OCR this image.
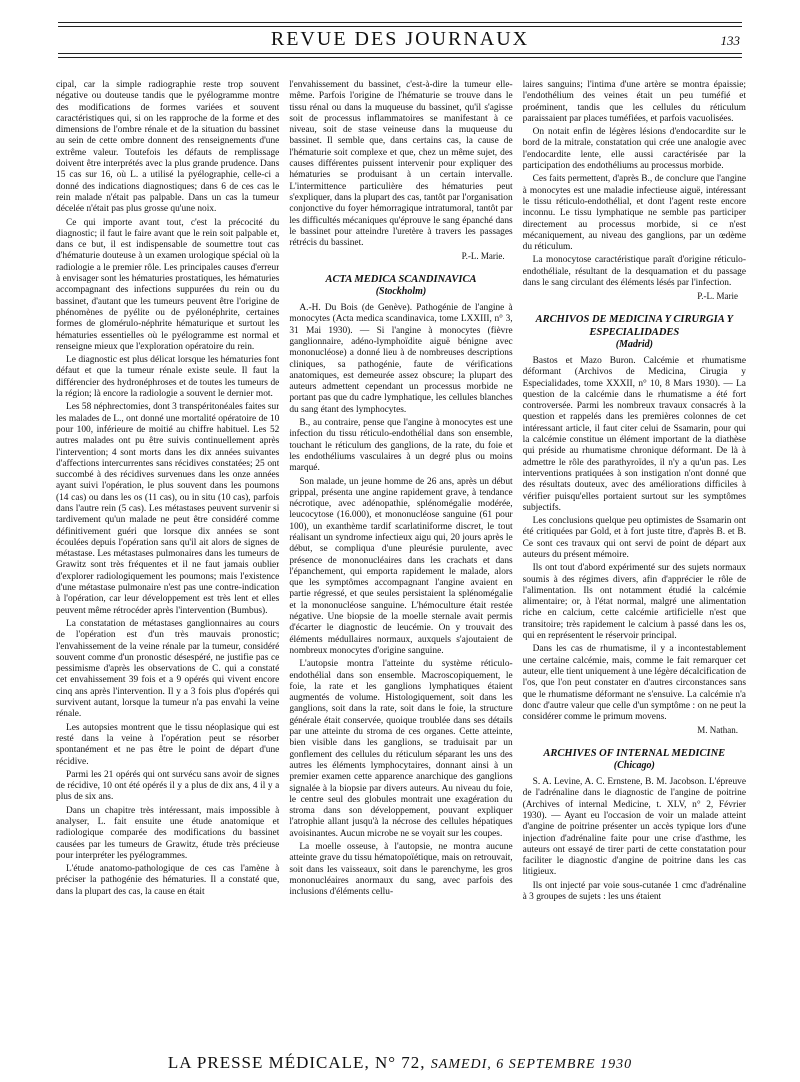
REVUE DES JOURNAUX	133

cipal, car la simple radiographie reste trop souvent négative ou douteuse tandis que le pyélogramme montre des modifications de formes variées et souvent caractéristiques qui, si on les rapproche de la forme et des dimensions de l'ombre rénale et de la situation du bassinet au sein de cette ombre donnent des renseignements d'une extrême valeur. Toutefois les défauts de remplissage doivent être interprétés avec la plus grande prudence. Dans 15 cas sur 16, où L. a utilisé la pyélographie, celle-ci a donné des indications diagnostiques; dans 6 de ces cas le rein malade n'était pas palpable. Dans un cas la tumeur décelée n'était pas plus grosse qu'une noix.

Ce qui importe avant tout, c'est la précocité du diagnostic; il faut le faire avant que le rein soit palpable et, dans ce but, il est indispensable de soumettre tout cas d'hématurie douteuse à un examen urologique spécial où la radiologie a le premier rôle. Les principales causes d'erreur à envisager sont les hématuries prostatiques, les hématuries accompagnant des infections suppurées du rein ou du bassinet, d'autant que les tumeurs peuvent être l'origine de phénomènes de pyélite ou de pyélonéphrite, certaines formes de glomérulo-néphrite hématurique et surtout les hématuries essentielles où le pyélogramme est normal et renseigne mieux que l'exploration opératoire du rein.

Le diagnostic est plus délicat lorsque les hématuries font défaut et que la tumeur rénale existe seule. Il faut la différencier des hydronéphroses et de toutes les tumeurs de la région; là encore la radiologie a souvent le dernier mot.

Les 58 néphrectomies, dont 3 transpéritonéales faites sur les malades de L., ont donné une mortalité opératoire de 10 pour 100, inférieure de moitié au chiffre habituel. Les 52 autres malades ont pu être suivis continuellement après l'intervention; 4 sont morts dans les dix années suivantes d'affections intercurrentes sans récidives constatées; 25 ont succombé à des récidives survenues dans les onze années ayant suivi l'opération, le plus souvent dans les poumons (14 cas) ou dans les os (11 cas), ou in situ (10 cas), parfois dans l'autre rein (5 cas). Les métastases peuvent survenir si tardivement qu'un malade ne peut être considéré comme définitivement guéri que lorsque dix années se sont écoulées depuis l'opération sans qu'il ait alors de signes de métastase. Les métastases pulmonaires dans les tumeurs de Grawitz sont très fréquentes et il ne faut jamais oublier d'explorer radiologiquement les poumons; mais l'existence d'une métastase pulmonaire n'est pas une contre-indication à l'opération, car leur développement est très lent et elles peuvent même rétrocéder après l'intervention (Bumbus).

La constatation de métastases ganglionnaires au cours de l'opération est d'un très mauvais pronostic; l'envahissement de la veine rénale par la tumeur, considéré souvent comme d'un pronostic désespéré, ne justifie pas ce pessimisme d'après les observations de C. qui a constaté cet envahissement 39 fois et a 9 opérés qui vivent encore cinq ans après l'intervention. Il y a 3 fois plus d'opérés qui survivent autant, lorsque la tumeur n'a pas envahi la veine rénale.

Les autopsies montrent que le tissu néoplasique qui est resté dans la veine à l'opération peut se résorber spontanément et ne pas être le point de départ d'une récidive.

Parmi les 21 opérés qui ont survécu sans avoir de signes de récidive, 10 ont été opérés il y a plus de dix ans, 4 il y a plus de six ans.

Dans un chapitre très intéressant, mais impossible à analyser, L. fait ensuite une étude anatomique et radiologique comparée des modifications du bassinet causées par les tumeurs de Grawitz, étude très précieuse pour interpréter les pyélogrammes.

L'étude anatomo-pathologique de ces cas l'amène à préciser la pathogénie des hématuries. Il a constaté que, dans la plupart des cas, la cause en était

l'envahissement du bassinet, c'est-à-dire la tumeur elle-même. Parfois l'origine de l'hématurie se trouve dans le tissu rénal ou dans la muqueuse du bassinet, qu'il s'agisse soit de processus inflammatoires se manifestant à ce niveau, soit de stase veineuse dans la muqueuse du bassinet. Il semble que, dans certains cas, la cause de l'hématurie soit complexe et que, chez un même sujet, des causes différentes puissent intervenir pour expliquer des hématuries se produisant à un certain intervalle. L'intermittence particulière des hématuries peut s'expliquer, dans la plupart des cas, tantôt par l'organisation conjonctive du foyer hémorragique intratumoral, tantôt par les difficultés mécaniques qu'éprouve le sang épanché dans le bassinet pour atteindre l'uretère à travers les passages rétrécis du bassinet.

P.-L. Marie.
ACTA MEDICA SCANDINAVICA
(Stockholm)

A.-H. Du Bois (de Genève). Pathogénie de l'angine à monocytes (Acta medica scandinavica, tome LXXIII, n° 3, 31 Mai 1930). — Si l'angine à monocytes (fièvre ganglionnaire, adéno-lymphoïdite aiguë bénigne avec mononucléose) a donné lieu à de nombreuses descriptions cliniques, sa pathogénie, faute de vérifications anatomiques, est demeurée assez obscure; la plupart des auteurs admettent cependant un processus morbide ne portant pas que du cadre lymphatique, les cellules blanches du sang étant des lymphocytes.

B., au contraire, pense que l'angine à monocytes est une infection du tissu réticulo-endothélial dans son ensemble, touchant le réticulum des ganglions, de la rate, du foie et les endothéliums vasculaires à un degré plus ou moins marqué.

Son malade, un jeune homme de 26 ans, après un début grippal, présenta une angine rapidement grave, à tendance nécrotique, avec adénopathie, splénomégalie modérée, leucocytose (16.000), et mononucléose sanguine (61 pour 100), un exanthème tardif scarlatiniforme discret, le tout réalisant un syndrome infectieux aigu qui, 20 jours après le début, se compliqua d'une pleurésie purulente, avec présence de mononucléaires dans les crachats et dans l'épanchement, qui emporta rapidement le malade, alors que les symptômes accompagnant l'angine avaient en partie régressé, et que seules persistaient la splénomégalie et la mononucléose sanguine. L'hémoculture était restée négative. Une biopsie de la moelle sternale avait permis d'écarter le diagnostic de leucémie. On y trouvait des éléments médullaires normaux, auxquels s'ajoutaient de nombreux monocytes d'origine sanguine.

L'autopsie montra l'atteinte du système réticulo-endothélial dans son ensemble. Macroscopiquement, le foie, la rate et les ganglions lymphatiques étaient augmentés de volume. Histologiquement, soit dans les ganglions, soit dans la rate, soit dans le foie, la structure générale était conservée, quoique troublée dans ses détails par une atteinte du stroma de ces organes. Cette atteinte, bien visible dans les ganglions, se traduisait par un gonflement des cellules du réticulum séparant les uns des autres les éléments lymphocytaires, donnant ainsi à un premier examen cette apparence anarchique des ganglions signalée à la biopsie par divers auteurs. Au niveau du foie, le centre seul des globules montrait une exagération du stroma dans son développement, pouvant expliquer l'atrophie allant jusqu'à la nécrose des cellules hépatiques avoisinantes. Aucun microbe ne se voyait sur les coupes.

La moelle osseuse, à l'autopsie, ne montra aucune atteinte grave du tissu hématopoïétique, mais on retrouvait, soit dans les vaisseaux, soit dans le parenchyme, les gros mononucléaires anormaux du sang, avec parfois des inclusions d'éléments cellu-

laires sanguins; l'intima d'une artère se montra épaissie; l'endothélium des veines était un peu tuméfié et proéminent, tandis que les cellules du réticulum paraissaient par places tuméfiées, et parfois vacuolisées.

On notait enfin de légères lésions d'endocardite sur le bord de la mitrale, constatation qui crée une analogie avec l'endocardite lente, elle aussi caractérisée par la participation des endothéliums au processus morbide.

Ces faits permettent, d'après B., de conclure que l'angine à monocytes est une maladie infectieuse aiguë, intéressant le tissu réticulo-endothélial, et dont l'agent reste encore inconnu. Le tissu lymphatique ne semble pas participer directement au processus morbide, si ce n'est mécaniquement, au niveau des ganglions, par un œdème du réticulum.

La monocytose caractéristique paraît d'origine réticulo-endothéliale, résultant de la desquamation et du passage dans le sang circulant des éléments lésés par l'infection.

P.-L. Marie
ARCHIVOS DE MEDICINA Y CIRURGIA Y ESPECIALIDADES
(Madrid)

Bastos et Mazo Buron. Calcémie et rhumatisme déformant (Archivos de Medicina, Cirugia y Especialidades, tome XXXII, n° 10, 8 Mars 1930). — La question de la calcémie dans le rhumatisme a été fort controversée. Parmi les nombreux travaux consacrés à la question et rappelés dans les premières colonnes de cet intéressant article, il faut citer celui de Ssamarin, pour qui la calcémie constitue un élément important de la diathèse qui préside au rhumatisme chronique déformant. De là à admettre le rôle des parathyroïdes, il n'y a qu'un pas. Les interventions pratiquées à son instigation n'ont donné que des résultats douteux, avec des améliorations difficiles à vérifier puisqu'elles portaient surtout sur les symptômes subjectifs.

Les conclusions quelque peu optimistes de Ssamarin ont été critiquées par Gold, et à fort juste titre, d'après B. et B. Ce sont ces travaux qui ont servi de point de départ aux auteurs du présent mémoire.

Ils ont tout d'abord expérimenté sur des sujets normaux soumis à des régimes divers, afin d'apprécier le rôle de l'alimentation. Ils ont notamment étudié la calcémie alimentaire; or, à l'état normal, malgré une alimentation riche en calcium, cette calcémie artificielle n'est que transitoire; très rapidement le calcium à passé dans les os, qui en représentent le réservoir principal.

Dans les cas de rhumatisme, il y a incontestablement une certaine calcémie, mais, comme le fait remarquer cet auteur, elle tient uniquement à une légère décalcification de l'os, que l'on peut constater en d'autres circonstances sans que le rhumatisme déformant ne s'ensuive. La calcémie n'a donc d'autre valeur que celle d'un symptôme : on ne peut la considérer comme le primum movens.

M. Nathan.
ARCHIVES OF INTERNAL MEDICINE
(Chicago)

S. A. Levine, A. C. Ernstene, B. M. Jacobson. L'épreuve de l'adrénaline dans le diagnostic de l'angine de poitrine (Archives of internal Medicine, t. XLV, n° 2, Février 1930). — Ayant eu l'occasion de voir un malade atteint d'angine de poitrine présenter un accès typique lors d'une injection d'adrénaline faite pour une crise d'asthme, les auteurs ont essayé de tirer parti de cette constatation pour faciliter le diagnostic d'angine de poitrine dans les cas litigieux.

Ils ont injecté par voie sous-cutanée 1 cmc d'adrénaline à 3 groupes de sujets : les uns étaient

LA PRESSE MÉDICALE, N° 72, SAMEDI, 6 SEPTEMBRE 1930
